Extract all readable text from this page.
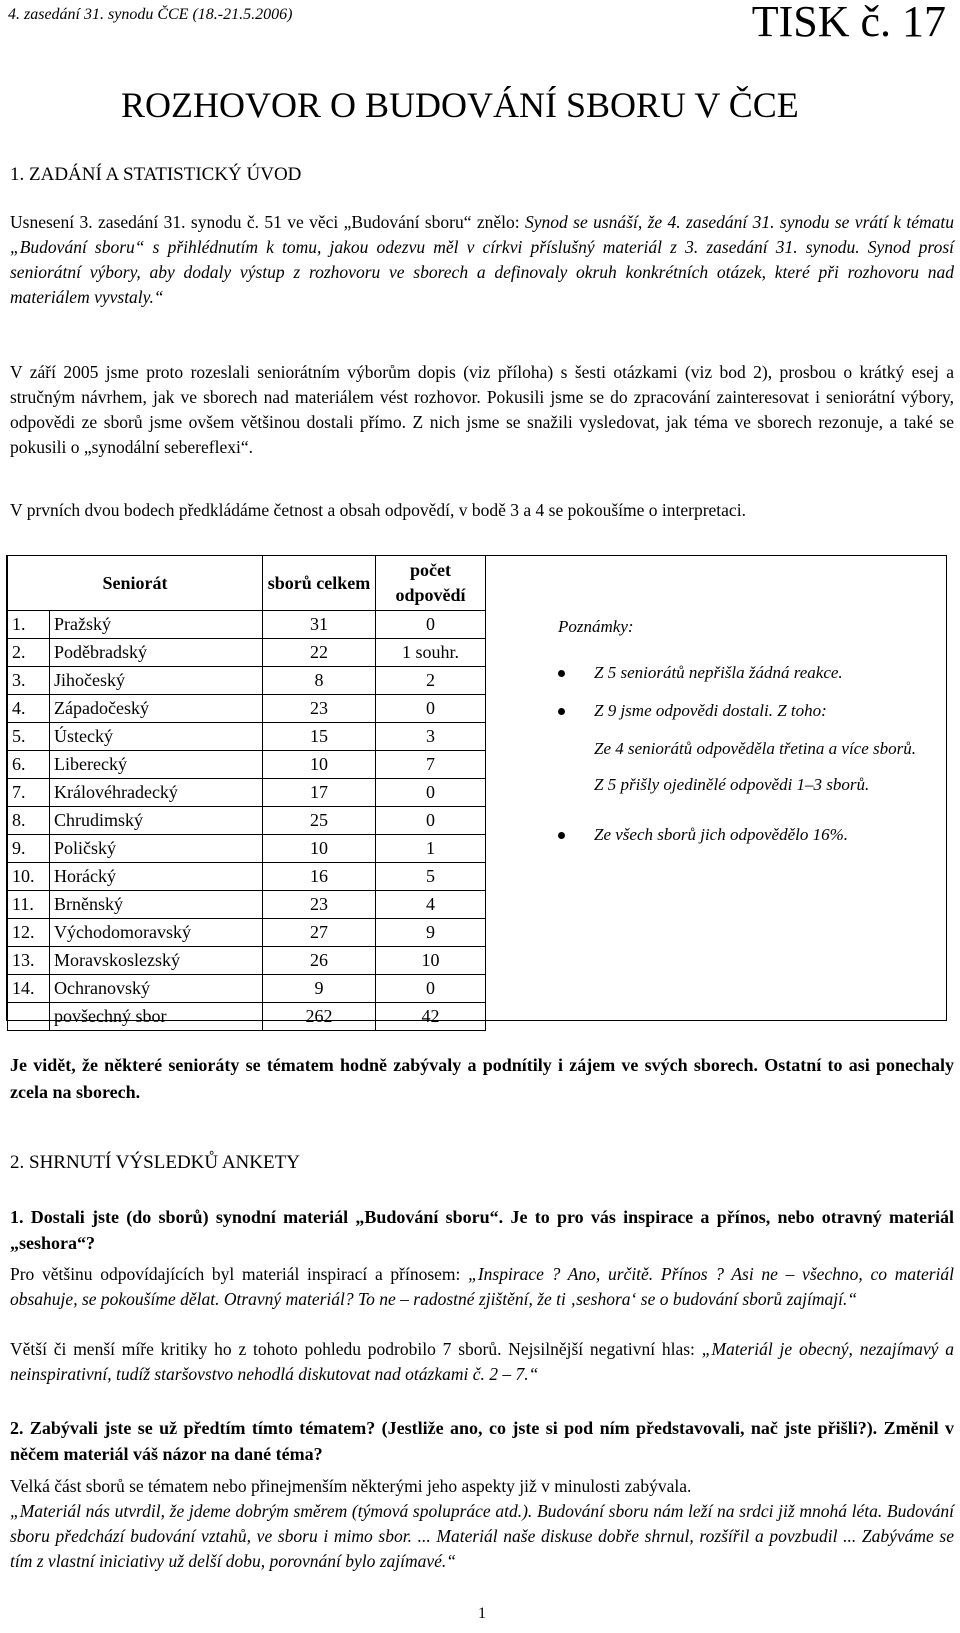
4. zasedání 31. synodu ČCE (18.-21.5.2006)	TISK č. 17
ROZHOVOR O BUDOVÁNÍ SBORU V ČCE
1. ZADÁNÍ A STATISTICKÝ ÚVOD

Usnesení 3. zasedání 31. synodu č. 51 ve věci „Budování sboru“ znělo: Synod se usnáší, že 4. zasedání 31. synodu se vrátí k tématu „Budování sboru“ s přihlédnutím k tomu, jakou odezvu měl v církvi příslušný materiál z 3. zasedání 31. synodu. Synod prosí seniorátní výbory, aby dodaly výstup z rozhovoru ve sborech a definovaly okruh konkrétních otázek, které při rozhovoru nad materiálem vyvstaly.“

V září 2005 jsme proto rozeslali seniorátním výborům dopis (viz příloha) s šesti otázkami (viz bod 2), prosbou o krátký esej a stručným návrhem, jak ve sborech nad materiálem vést rozhovor. Pokusili jsme se do zpracování zainteresovat i seniorátní výbory, odpovědi ze sborů jsme ovšem většinou dostali přímo. Z nich jsme se snažili vysledovat, jak téma ve sborech rezonuje, a také se pokusili o „synodální sebereflexi“.

V prvních dvou bodech předkládáme četnost a obsah odpovědí, v bodě 3 a 4 se pokoušíme o interpretaci.

Seniorát		sborů celkem	počet odpovědí
1.	Pražský	31	0
2.	Poděbradský	22	1 souhr.
3.	Jihočeský	8	2
4.	Západočeský	23	0
5.	Ústecký	15	3
6.	Liberecký	10	7
7.	Královéhradecký	17	0
8.	Chrudimský	25	0
9.	Poličský	10	1
10.	Horácký	16	5
11.	Brněnský	23	4
12.	Východomoravský	27	9
13.	Moravskoslezský	26	10
14.	Ochranovský	9	0
	povšechný sbor	262	42

Poznámky:

Z 5 seniorátů nepřišla žádná reakce.
Z 9 jsme odpovědi dostali. Z toho:

Ze 4 seniorátů odpověděla třetina a více sborů.

Z 5 přišly ojedinělé odpovědi 1–3 sborů.

Ze všech sborů jich odpovědělo 16%.

Je vidět, že některé senioráty se tématem hodně zabývaly a podnítily i zájem ve svých sborech. Ostatní to asi ponechaly zcela na sborech.

2. SHRNUTÍ VÝSLEDKŮ ANKETY

1. Dostali jste (do sborů) synodní materiál „Budování sboru“. Je to pro vás inspirace a přínos, nebo otravný materiál „seshora“?

Pro většinu odpovídajících byl materiál inspirací a přínosem: „Inspirace ? Ano, určitě. Přínos ? Asi ne – všechno, co materiál obsahuje, se pokoušíme dělat. Otravný materiál? To ne – radostné zjištění, že ti ‚seshora‘ se o budování sborů zajímají.“

Větší či menší míře kritiky ho z tohoto pohledu podrobilo 7 sborů. Nejsilnější negativní hlas: „Materiál je obecný, nezajímavý a neinspirativní, tudíž staršovstvo nehodlá diskutovat nad otázkami č. 2 – 7.“

2. Zabývali jste se už předtím tímto tématem? (Jestliže ano, co jste si pod ním představovali, nač jste přišli?). Změnil v něčem materiál váš názor na dané téma?

Velká část sborů se tématem nebo přinejmenším některými jeho aspekty již v minulosti zabývala.

„Materiál nás utvrdil, že jdeme dobrým směrem (týmová spolupráce atd.). Budování sboru nám leží na srdci již mnohá léta. Budování sboru předchází budování vztahů, ve sboru i mimo sbor. ... Materiál naše diskuse dobře shrnul, rozšířil a povzbudil ... Zabýváme se tím z vlastní iniciativy už delší dobu, porovnání bylo zajímavé.“

1
